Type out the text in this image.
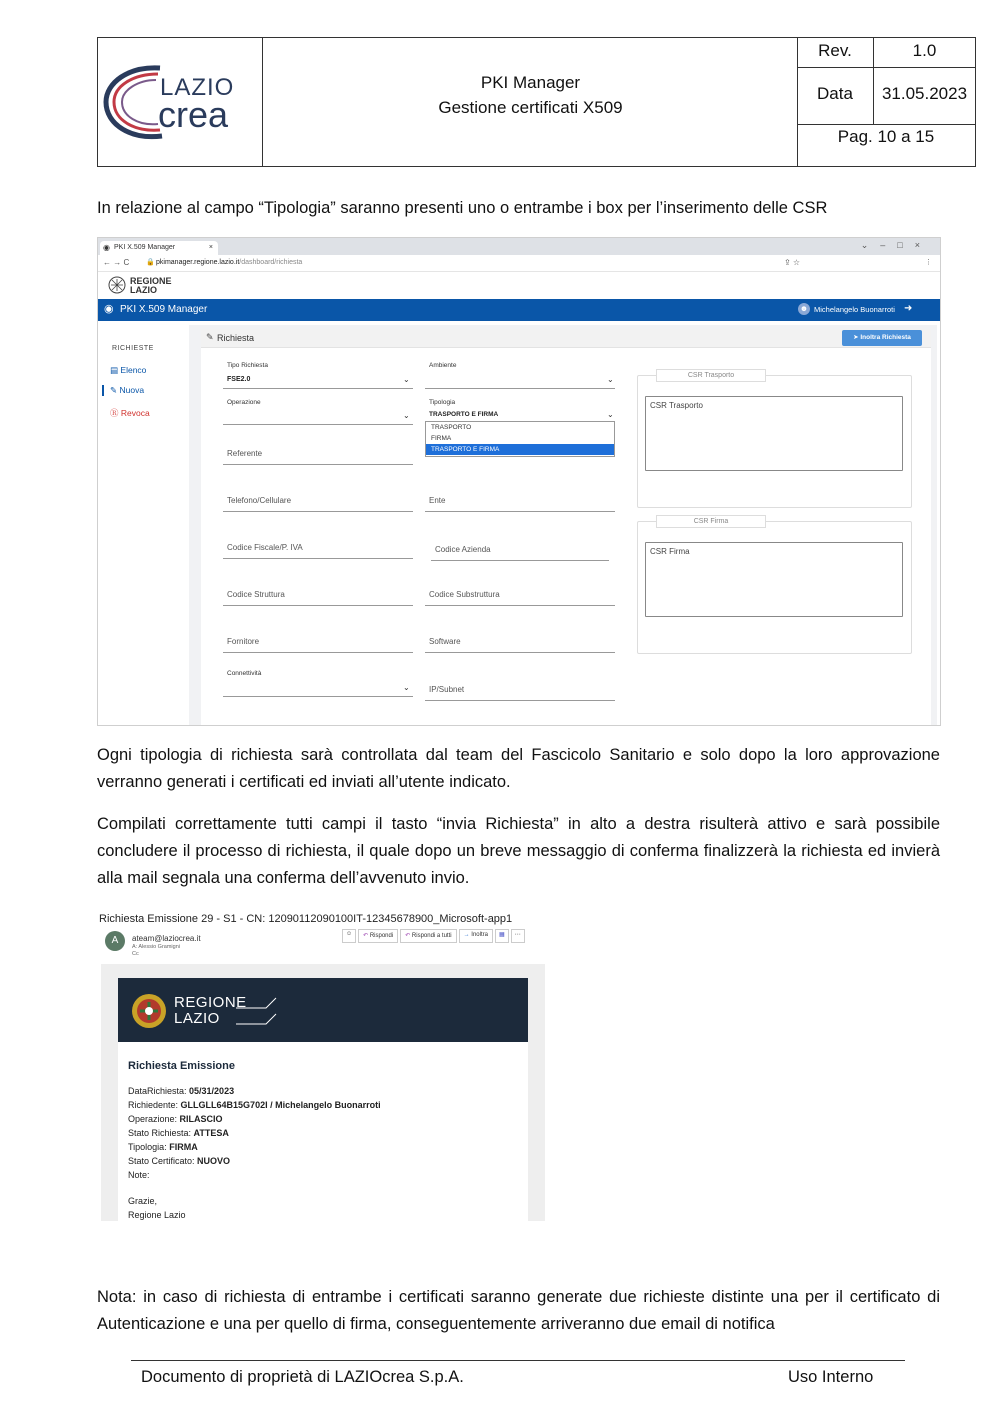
LAZIO
crea
PKI Manager
Gestione certificati X509
Rev.	1.0
Data	31.05.2023
Pag. 10 a 15
In relazione al campo “Tipologia” saranno presenti uno o entrambe i box per l’inserimento delle CSR
◉ PKI X.509 Manager	×	⌄–□×
← → C 🔒 pkimanager.regione.lazio.it/dashboard/richiesta	⇪ ☆	⋮
REGIONE
LAZIO
◉ PKI X.509 Manager	☻ Michelangelo Buonarroti ➜
RICHIESTE
▤ Elenco
✎ Nuova
Ⓡ Revoca
✎ Richiesta	➤ Inoltra Richiesta
Tipo Richiesta
FSE2.0	⌄
Operazione
⌄
Referente
Telefono/Cellulare
Codice Fiscale/P. IVA
Codice Struttura
Fornitore
Connettività
⌄
Ambiente
⌄
Tipologia
TRASPORTO E FIRMA	⌄
TRASPORTO
FIRMA
TRASPORTO E FIRMA
Ente
Codice Azienda
Codice Substruttura
Software
IP/Subnet
CSR Trasporto
CSR Trasporto
CSR Firma
CSR Firma
Ogni tipologia di richiesta sarà controllata dal team del Fascicolo Sanitario e solo dopo la loro approvazione verranno generati i certificati ed inviati all’utente indicato.
Compilati correttamente tutti campi il tasto “invia Richiesta” in alto a destra risulterà attivo e sarà possibile concludere il processo di richiesta, il quale dopo un breve messaggio di conferma finalizzerà la richiesta ed invierà alla mail segnala una conferma dell’avvenuto invio.
Richiesta Emissione 29 - S1 - CN: 12090112090100IT-12345678900_Microsoft-app1
A	ateam@laziocrea.it
A: Alessio Gramigni
Cc
☺	↶ Rispondi	↶ Rispondi a tutti	→ Inoltra	▦	⋯
REGIONE
LAZIO
Richiesta Emissione
DataRichiesta: 05/31/2023
Richiedente: GLLGLL64B15G702I / Michelangelo Buonarroti
Operazione: RILASCIO
Stato Richiesta: ATTESA
Tipologia: FIRMA
Stato Certificato: NUOVO
Note:
Grazie,
Regione Lazio
Nota: in caso di richiesta di entrambe i certificati saranno generate due richieste distinte una per il certificato di Autenticazione e una per quello di firma, conseguentemente arriveranno due email di notifica
Documento di proprietà di LAZIOcrea S.p.A.	Uso Interno
